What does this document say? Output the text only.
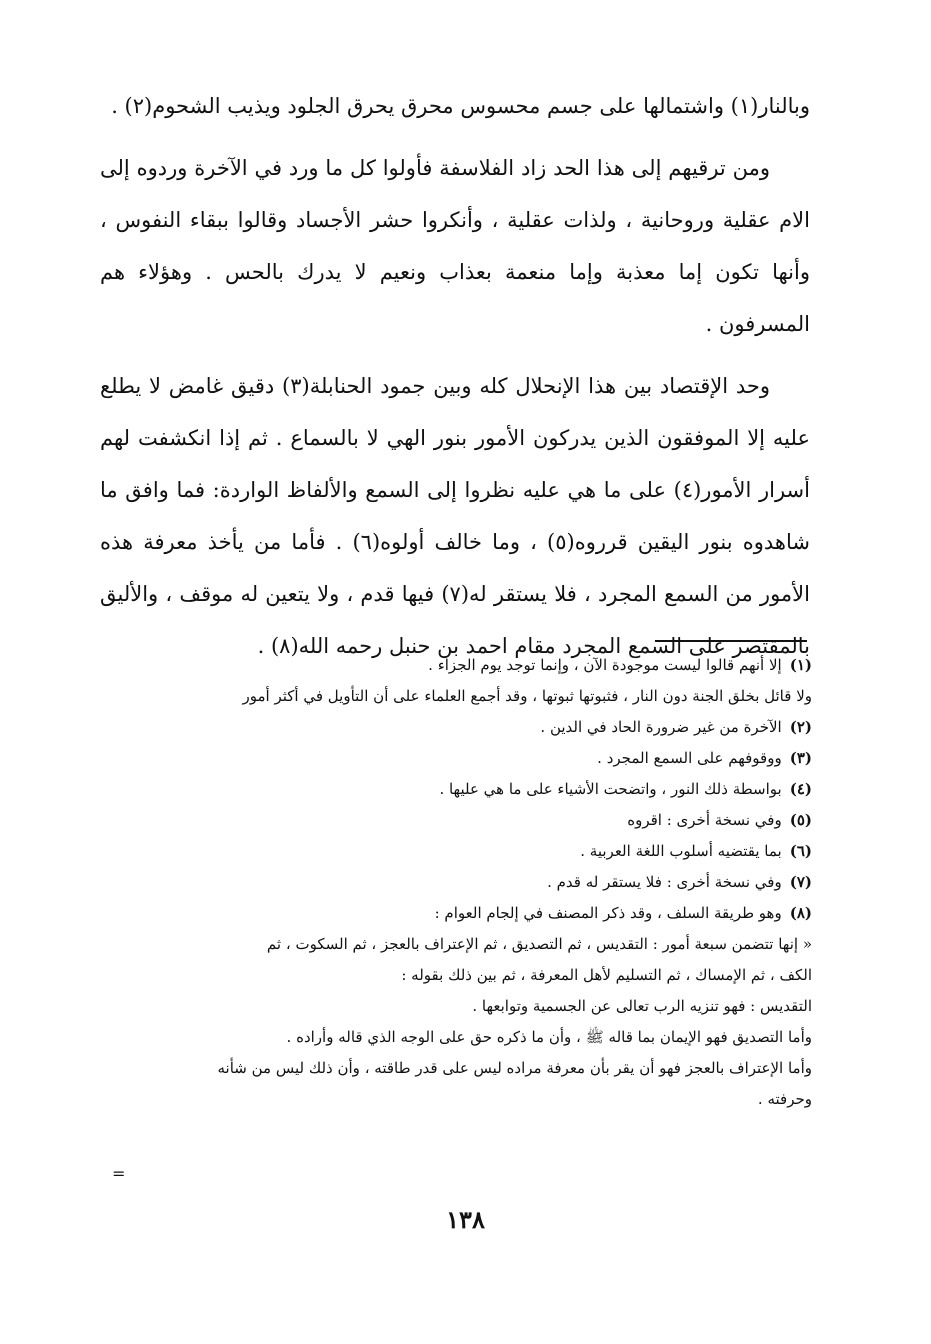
وبالنار(١) واشتمالها على جسم محسوس محرق يحرق الجلود ويذيب الشحوم(٢) .

ومن ترقيهم إلى هذا الحد زاد الفلاسفة فأولوا كل ما ورد في الآخرة وردوه إلى الام عقلية وروحانية ، ولذات عقلية ، وأنكروا حشر الأجساد وقالوا ببقاء النفوس ، وأنها تكون إما معذبة وإما منعمة بعذاب ونعيم لا يدرك بالحس . وهؤلاء هم المسرفون .

وحد الإقتصاد بين هذا الإنحلال كله وبين جمود الحنابلة(٣) دقيق غامض لا يطلع عليه إلا الموفقون الذين يدركون الأمور بنور الهي لا بالسماع . ثم إذا انكشفت لهم أسرار الأمور(٤) على ما هي عليه نظروا إلى السمع والألفاظ الواردة: فما وافق ما شاهدوه بنور اليقين قرروه(٥) ، وما خالف أولوه(٦) . فأما من يأخذ معرفة هذه الأمور من السمع المجرد ، فلا يستقر له(٧) فيها قدم ، ولا يتعين له موقف ، والأليق بالمقتصر على السمع المجرد مقام احمد بن حنبل رحمه الله(٨) .

(١)إلا أنهم قالوا ليست موجودة الآن ، وإنما توجد يوم الجزاء .
ولا قائل بخلق الجنة دون النار ، فثبوتها ثبوتها ، وقد أجمع العلماء على أن التأويل في أكثر أمور
(٢)الآخرة من غير ضرورة الحاد في الدين .
(٣)ووقوفهم على السمع المجرد .
(٤)بواسطة ذلك النور ، واتضحت الأشياء على ما هي عليها .
(٥)وفي نسخة أخرى : اقروه
(٦)بما يقتضيه أسلوب اللغة العربية .
(٧)وفي نسخة أخرى : فلا يستقر له قدم .
(٨)وهو طريقة السلف ، وقد ذكر المصنف في إلجام العوام :
« إنها تتضمن سبعة أمور : التقديس ، ثم التصديق ، ثم الإعتراف بالعجز ، ثم السكوت ، ثم
الكف ، ثم الإمساك ، ثم التسليم لأهل المعرفة ، ثم بين ذلك بقوله :
التقديس : فهو تنزيه الرب تعالى عن الجسمية وتوابعها .
وأما التصديق فهو الإيمان بما قاله ﷺ ، وأن ما ذكره حق على الوجه الذي قاله وأراده .
وأما الإعتراف بالعجز فهو أن يقر بأن معرفة مراده ليس على قدر طاقته ، وأن ذلك ليس من شأنه
وحرفته .
=
١٣٨
